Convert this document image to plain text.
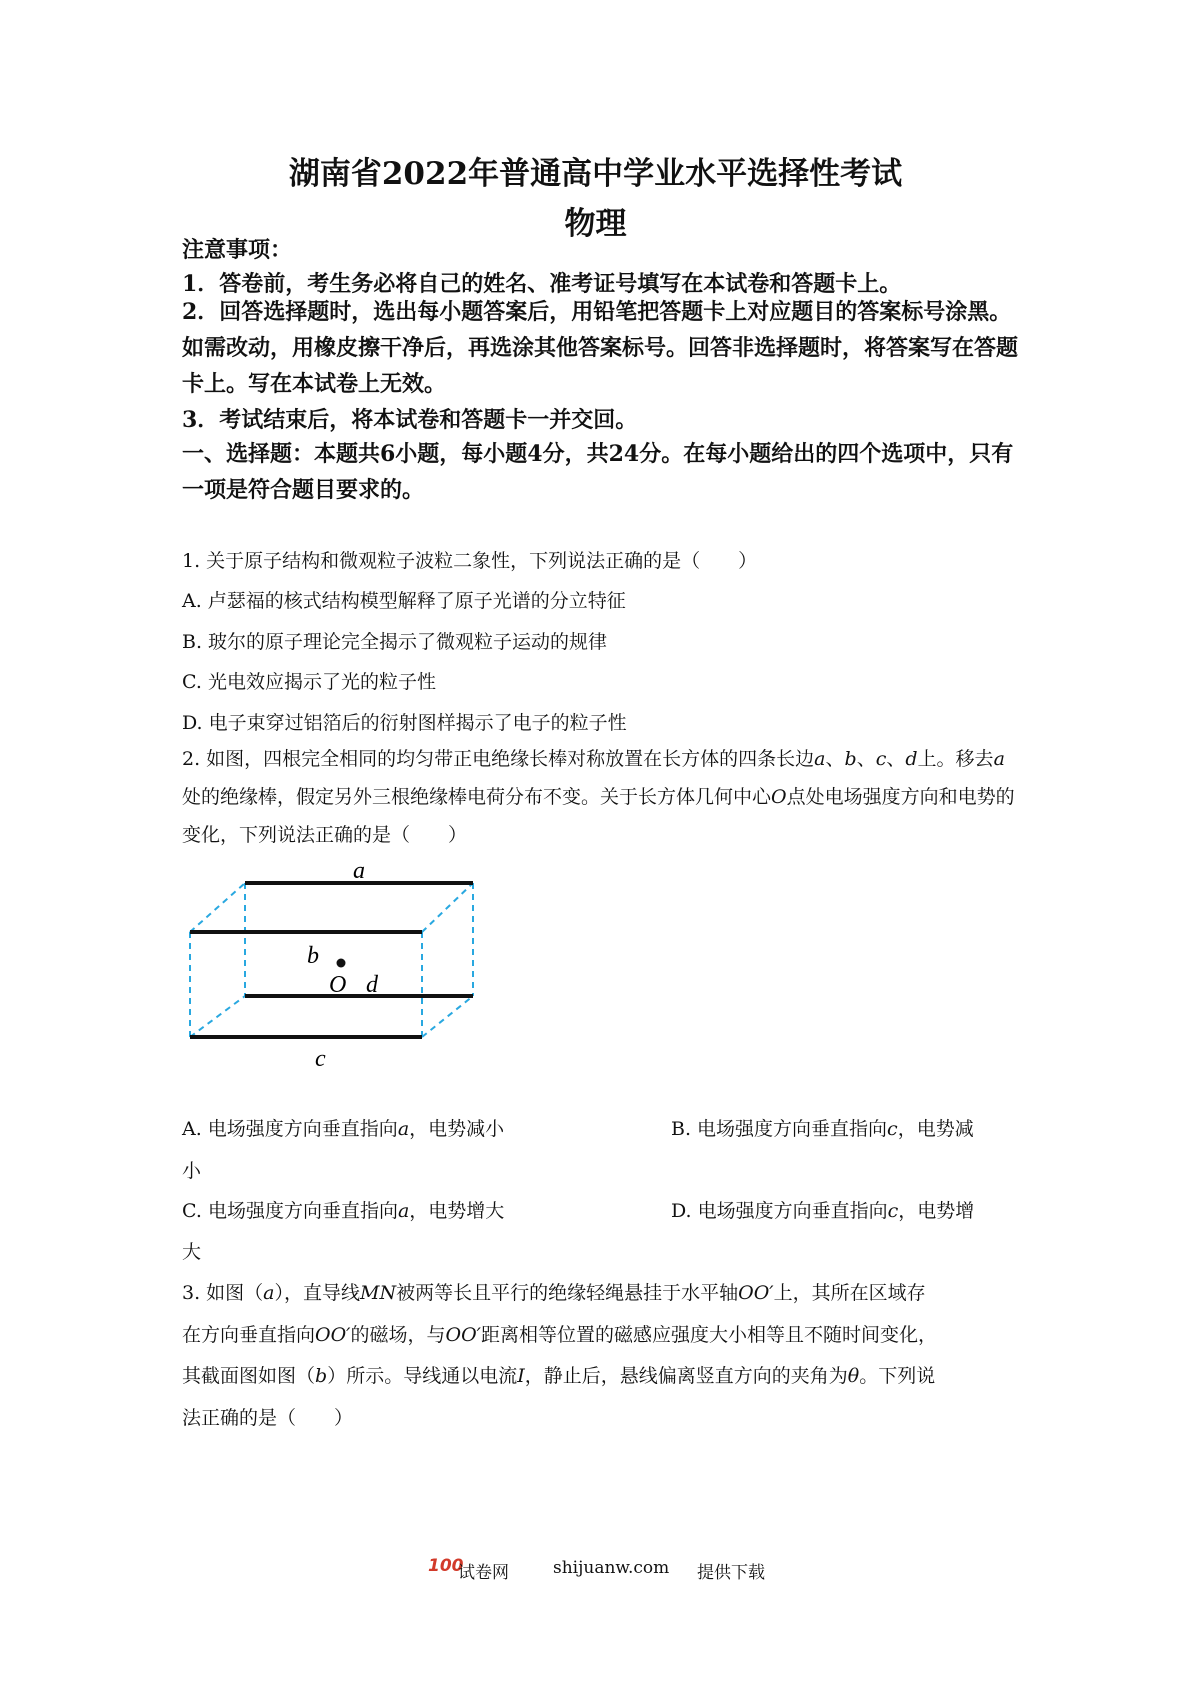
湖南省2022年普通高中学业水平选择性考试
物理
注意事项：
1．答卷前，考生务必将自己的姓名、准考证号填写在本试卷和答题卡上。
2．回答选择题时，选出每小题答案后，用铅笔把答题卡上对应题目的答案标号涂黑。如需改动，用橡皮擦干净后，再选涂其他答案标号。回答非选择题时，将答案写在答题卡上。写在本试卷上无效。
3．考试结束后，将本试卷和答题卡一并交回。
一、选择题：本题共6小题，每小题4分，共24分。在每小题给出的四个选项中，只有一项是符合题目要求的。
1. 关于原子结构和微观粒子波粒二象性，下列说法正确的是（　　）
A. 卢瑟福的核式结构模型解释了原子光谱的分立特征
B. 玻尔的原子理论完全揭示了微观粒子运动的规律
C. 光电效应揭示了光的粒子性
D. 电子束穿过铝箔后的衍射图样揭示了电子的粒子性
2. 如图，四根完全相同的均匀带正电绝缘长棒对称放置在长方体的四条长边a、b、c、d上。移去a处的绝缘棒，假定另外三根绝缘棒电荷分布不变。关于长方体几何中心O点处电场强度方向和电势的变化，下列说法正确的是（　　）
a
b
O d
c
A. 电场强度方向垂直指向a，电势减小	B. 电场强度方向垂直指向c，电势减
小
C. 电场强度方向垂直指向a，电势增大	D. 电场强度方向垂直指向c，电势增
大
3. 如图（a），直导线MN被两等长且平行的绝缘轻绳悬挂于水平轴OO′上，其所在区域存
在方向垂直指向OO′的磁场，与OO′距离相等位置的磁感应强度大小相等且不随时间变化，
其截面图如图（b）所示。导线通以电流I，静止后，悬线偏离竖直方向的夹角为θ。下列说
法正确的是（　　）
100
试卷网	shijuanw.com 提供下载
